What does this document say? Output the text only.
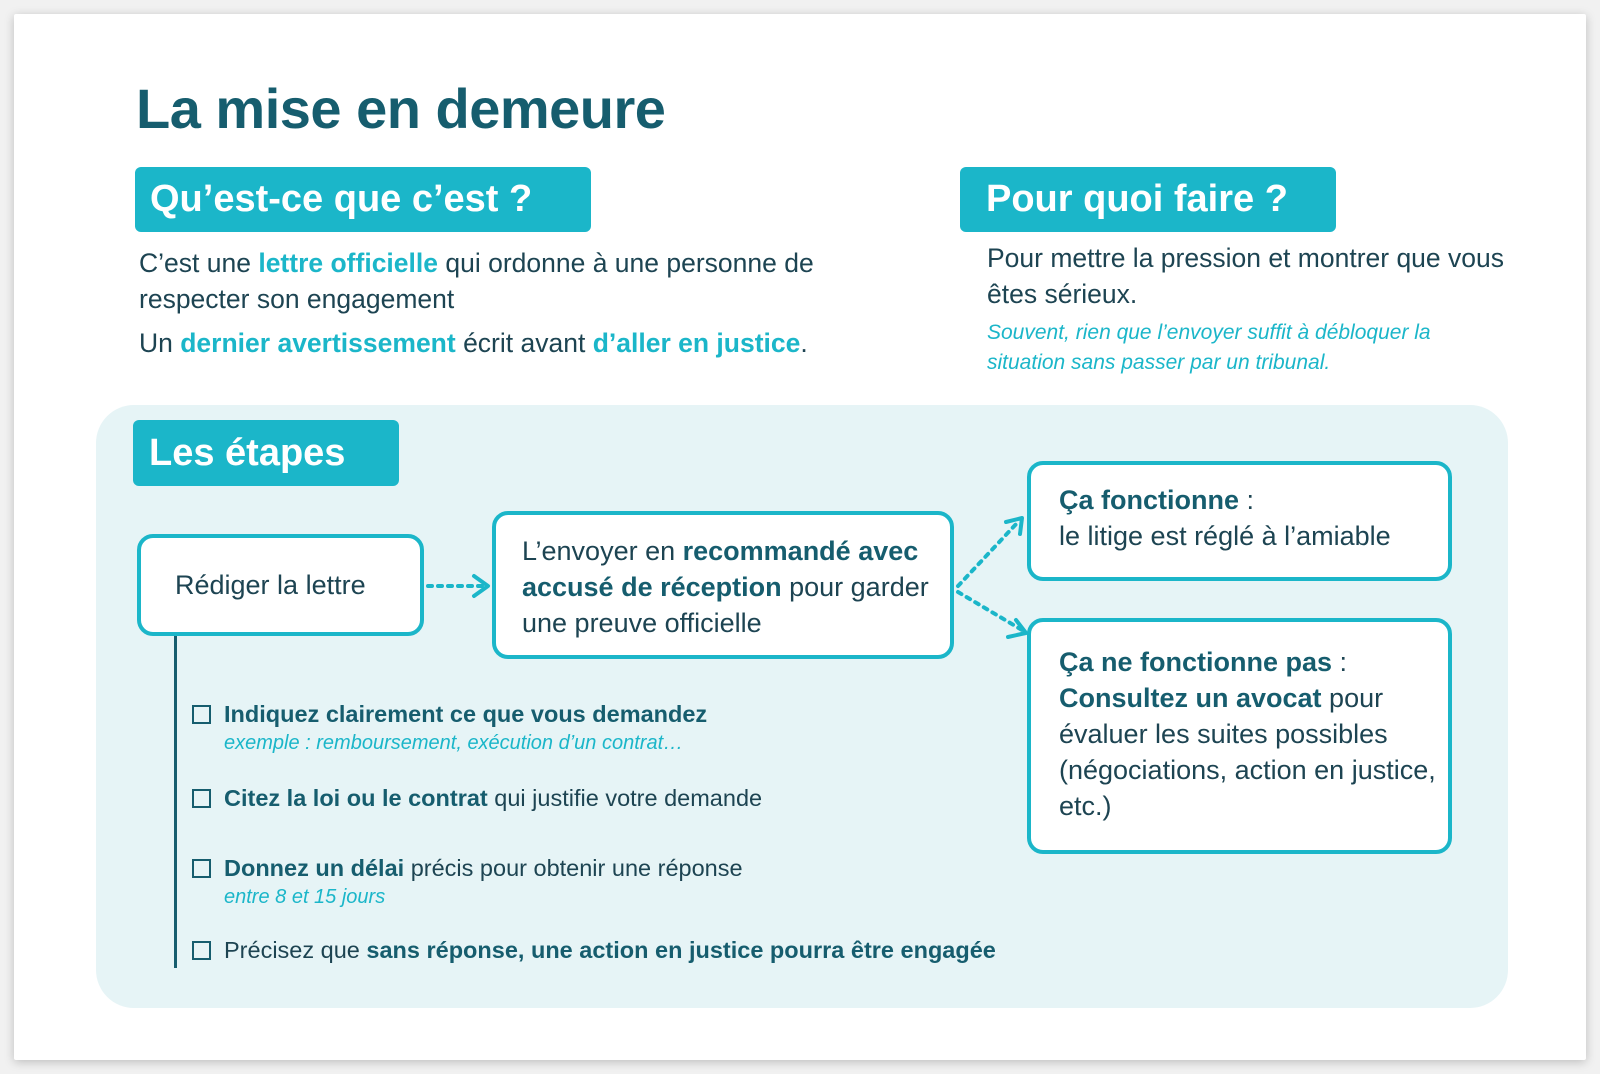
La mise en demeure
Qu’est-ce que c’est ?
C’est une lettre officielle qui ordonne à une personne de respecter son engagement
Un dernier avertissement écrit avant d’aller en justice.
Pour quoi faire ?
Pour mettre la pression et montrer que vous êtes sérieux.
Souvent, rien que l’envoyer suffit à débloquer la situation sans passer par un tribunal.
Les étapes
Rédiger la lettre
L’envoyer en recommandé avec accusé de réception pour garder une preuve officielle
Ça fonctionne :
le litige est réglé à l’amiable
Ça ne fonctionne pas :
Consultez un avocat pour évaluer les suites possibles (négociations, action en justice, etc.)
Indiquez clairement ce que vous demandez
exemple : remboursement, exécution d’un contrat…
Citez la loi ou le contrat qui justifie votre demande
Donnez un délai précis pour obtenir une réponse
entre 8 et 15 jours
Précisez que sans réponse, une action en justice pourra être engagée
